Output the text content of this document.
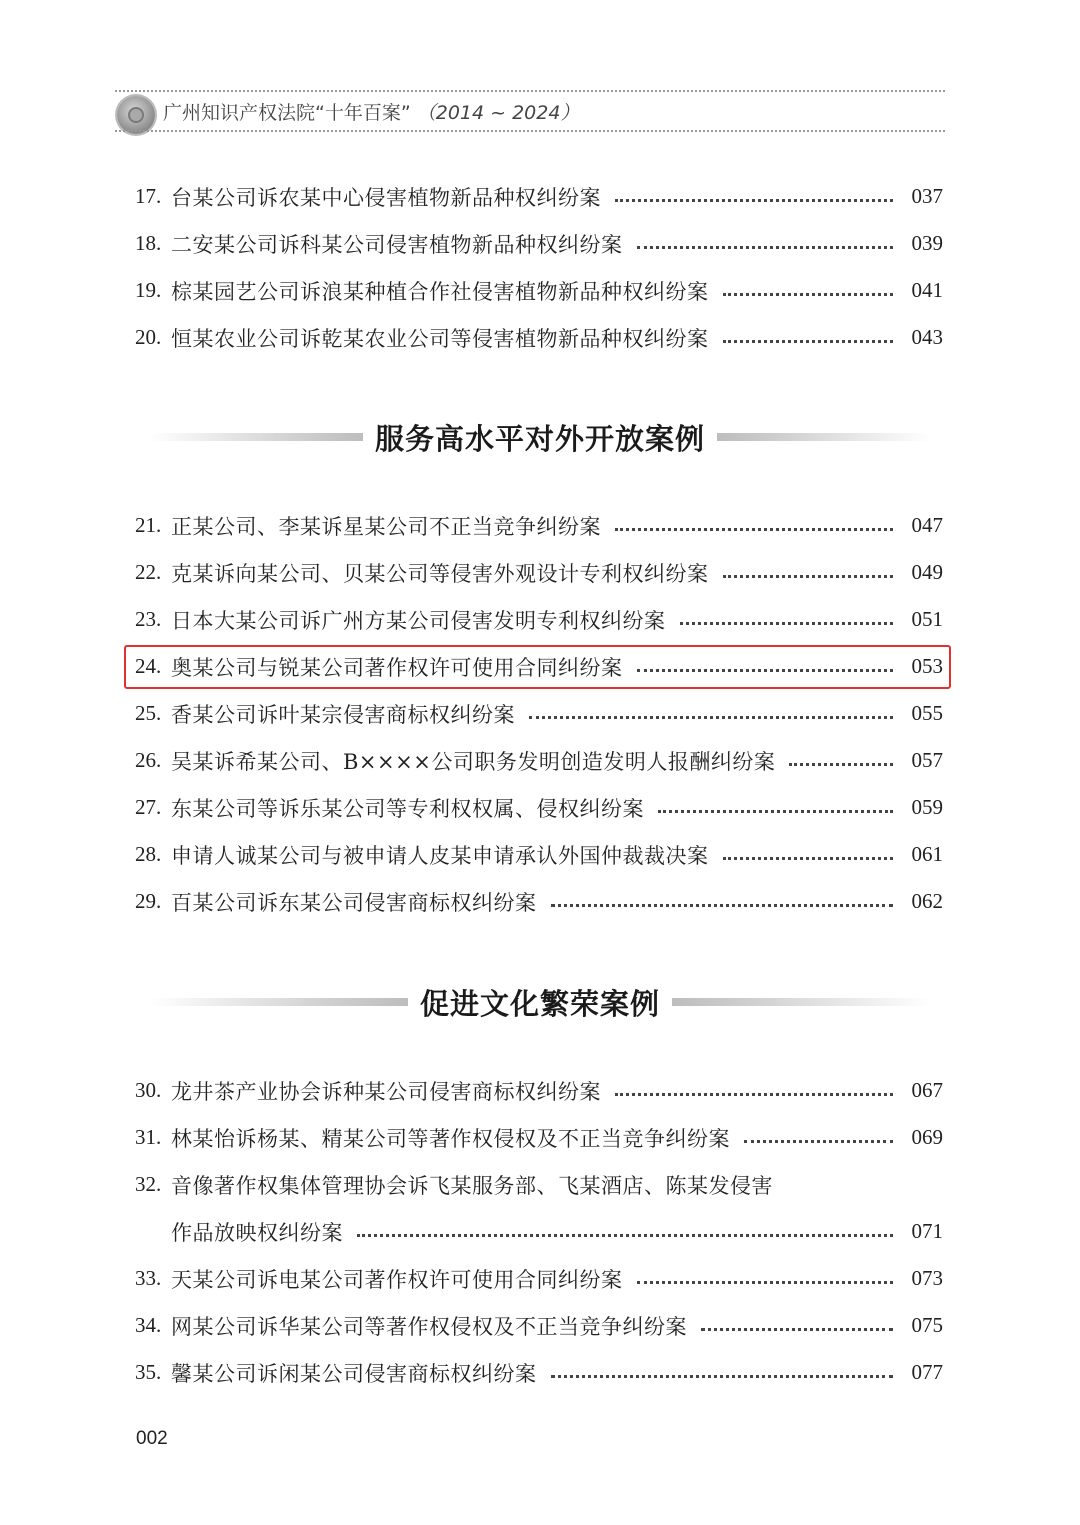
广州知识产权法院“十年百案” （2014 ~ 2024）
17. 台某公司诉农某中心侵害植物新品种权纠纷案	037
18. 二安某公司诉科某公司侵害植物新品种权纠纷案	039
19. 棕某园艺公司诉浪某种植合作社侵害植物新品种权纠纷案	041
20. 恒某农业公司诉乾某农业公司等侵害植物新品种权纠纷案	043
服务高水平对外开放案例
21. 正某公司、李某诉星某公司不正当竞争纠纷案	047
22. 克某诉向某公司、贝某公司等侵害外观设计专利权纠纷案	049
23. 日本大某公司诉广州方某公司侵害发明专利权纠纷案	051
24. 奥某公司与锐某公司著作权许可使用合同纠纷案	053
25. 香某公司诉叶某宗侵害商标权纠纷案	055
26. 吴某诉希某公司、B××××公司职务发明创造发明人报酬纠纷案	057
27. 东某公司等诉乐某公司等专利权权属、侵权纠纷案	059
28. 申请人诚某公司与被申请人皮某申请承认外国仲裁裁决案	061
29. 百某公司诉东某公司侵害商标权纠纷案	062
促进文化繁荣案例
30. 龙井茶产业协会诉种某公司侵害商标权纠纷案	067
31. 林某怡诉杨某、精某公司等著作权侵权及不正当竞争纠纷案	069
32. 音像著作权集体管理协会诉飞某服务部、飞某酒店、陈某发侵害
作品放映权纠纷案	071
33. 天某公司诉电某公司著作权许可使用合同纠纷案	073
34. 网某公司诉华某公司等著作权侵权及不正当竞争纠纷案	075
35. 馨某公司诉闲某公司侵害商标权纠纷案	077
002
